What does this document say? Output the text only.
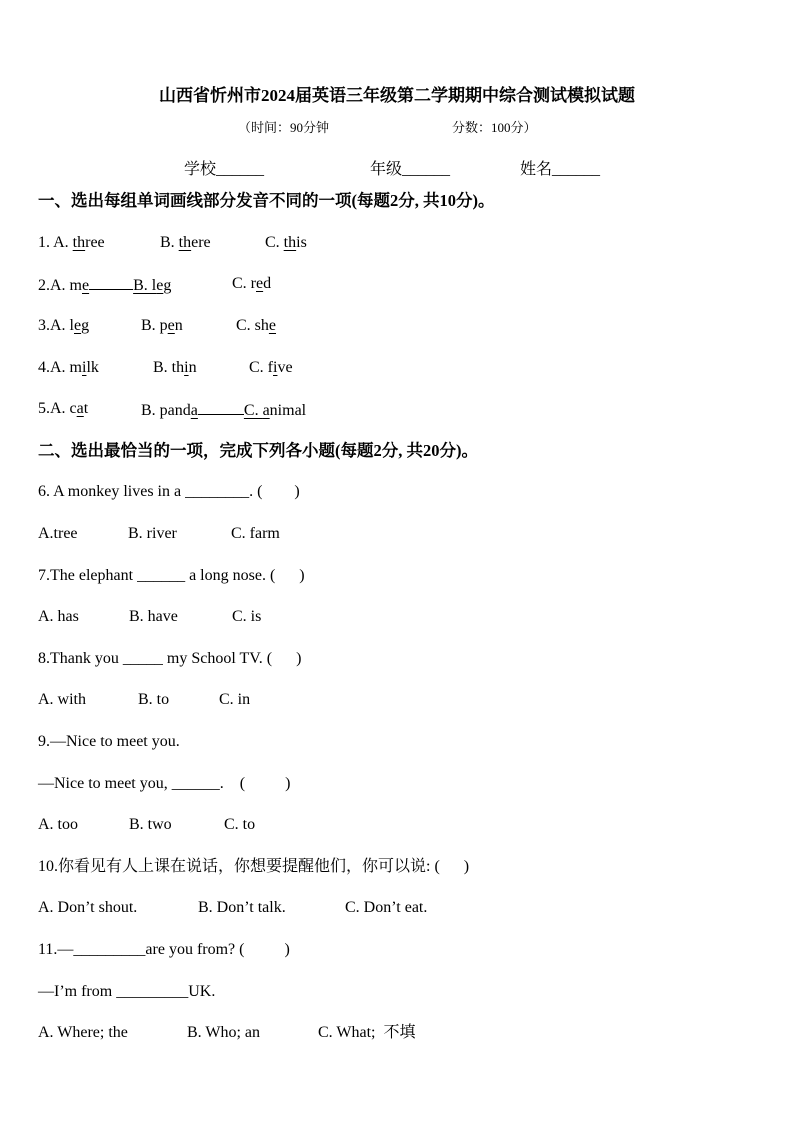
山西省忻州市2024届英语三年级第二学期期中综合测试模拟试题
（时间：90分钟	分数：100分）
学校______	年级______	姓名______
一、选出每组单词画线部分发音不同的一项(每题2分, 共10分)。
1. A. three	B. there	C. this
2.A. me	B. leg	C. red
3.A. leg	B. pen	C. she
4.A. milk	B. thin	C. five
5.A. cat	B. panda	C. animal
二、选出最恰当的一项，完成下列各小题(每题2分, 共20分)。
6. A monkey lives in a ________. (        )
A.tree	B. river	C. farm
7.The elephant ______ a long nose. (      )
A. has	B. have	C. is
8.Thank you _____ my School TV. (      )
A. with	B. to	C. in
9.—Nice to meet you.
—Nice to meet you, ______.    (          )
A. too	B. two	C. to
10.你看见有人上课在说话，你想要提醒他们，你可以说: (      )
A. Don’t shout.	B. Don’t talk.	C. Don’t eat.
11.—_________are you from? (          )
—I’m from _________UK.
A. Where; the	B. Who; an	C. What;  不填
